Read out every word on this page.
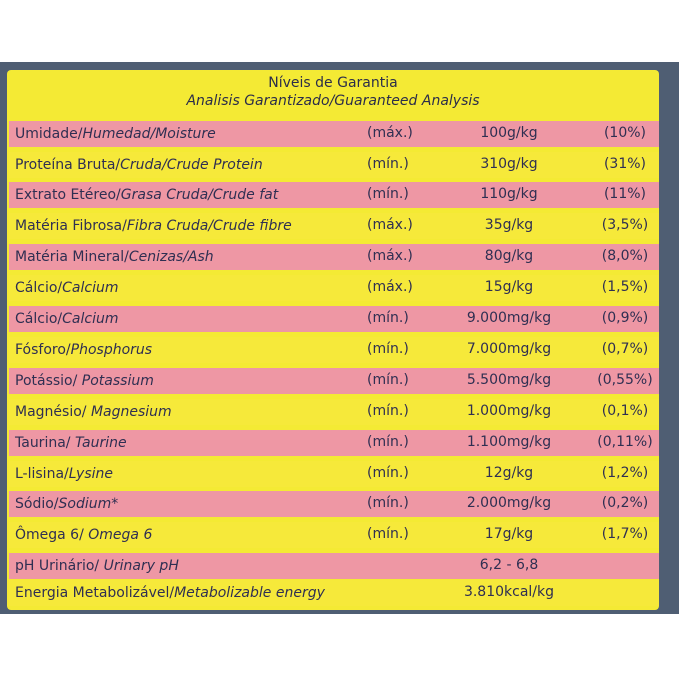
Níveis de Garantia
Analisis Garantizado/Guaranteed Analysis
Umidade/Humedad/Moisture	(máx.)	100g/kg	(10%)
Proteína Bruta/Cruda/Crude Protein	(mín.)	310g/kg	(31%)
Extrato Etéreo/Grasa Cruda/Crude fat	(mín.)	110g/kg	(11%)
Matéria Fibrosa/Fibra Cruda/Crude fibre	(máx.)	35g/kg	(3,5%)
Matéria Mineral/Cenizas/Ash	(máx.)	80g/kg	(8,0%)
Cálcio/Calcium	(máx.)	15g/kg	(1,5%)
Cálcio/Calcium	(mín.)	9.000mg/kg	(0,9%)
Fósforo/Phosphorus	(mín.)	7.000mg/kg	(0,7%)
Potássio/ Potassium	(mín.)	5.500mg/kg	(0,55%)
Magnésio/ Magnesium	(mín.)	1.000mg/kg	(0,1%)
Taurina/ Taurine	(mín.)	1.100mg/kg	(0,11%)
L-lisina/Lysine	(mín.)	12g/kg	(1,2%)
Sódio/Sodium*	(mín.)	2.000mg/kg	(0,2%)
Ômega 6/ Omega 6	(mín.)	17g/kg	(1,7%)
pH Urinário/ Urinary pH	6,2 - 6,8
Energia Metabolizável/Metabolizable energy	3.810kcal/kg
